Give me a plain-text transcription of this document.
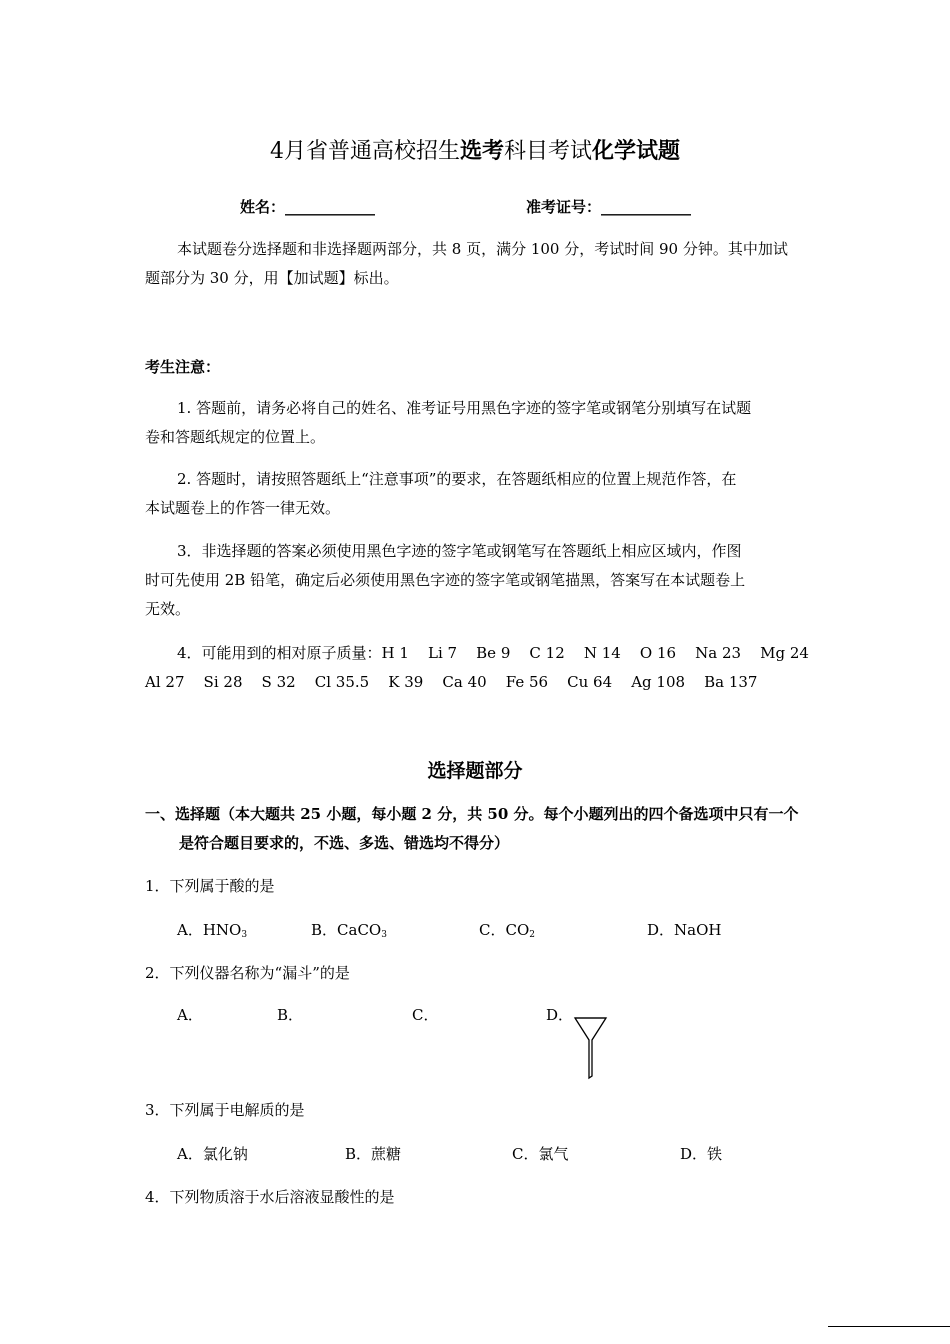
4月省普通高校招生选考科目考试化学试题
姓名：____________	准考证号：____________
本试题卷分选择题和非选择题两部分，共 8 页，满分 100 分，考试时间 90 分钟。其中加试
题部分为 30 分，用【加试题】标出。
考生注意：
1. 答题前，请务必将自己的姓名、准考证号用黑色字迹的签字笔或钢笔分别填写在试题
卷和答题纸规定的位置上。
2. 答题时，请按照答题纸上“注意事项”的要求，在答题纸相应的位置上规范作答，在
本试题卷上的作答一律无效。
3．非选择题的答案必须使用黑色字迹的签字笔或钢笔写在答题纸上相应区域内，作图
时可先使用 2B 铅笔，确定后必须使用黑色字迹的签字笔或钢笔描黑，答案写在本试题卷上
无效。
4．可能用到的相对原子质量：H 1    Li 7    Be 9    C 12    N 14    O 16    Na 23    Mg 24
Al 27    Si 28    S 32    Cl 35.5    K 39    Ca 40    Fe 56    Cu 64    Ag 108    Ba 137
选择题部分
一、选择题（本大题共 25 小题，每小题 2 分，共 50 分。每个小题列出的四个备选项中只有一个
是符合题目要求的，不选、多选、错选均不得分）
1．下列属于酸的是
A．$HNO_3$	B．CaCO$_3$	C．$CO_2$	D．NaOH
2．下列仪器名称为“漏斗”的是
A．	B．	C．	D．
3．下列属于电解质的是
A．氯化钠	B．蔗糖	C．氯气	D．铁
4．下列物质溶于水后溶液显酸性的是
